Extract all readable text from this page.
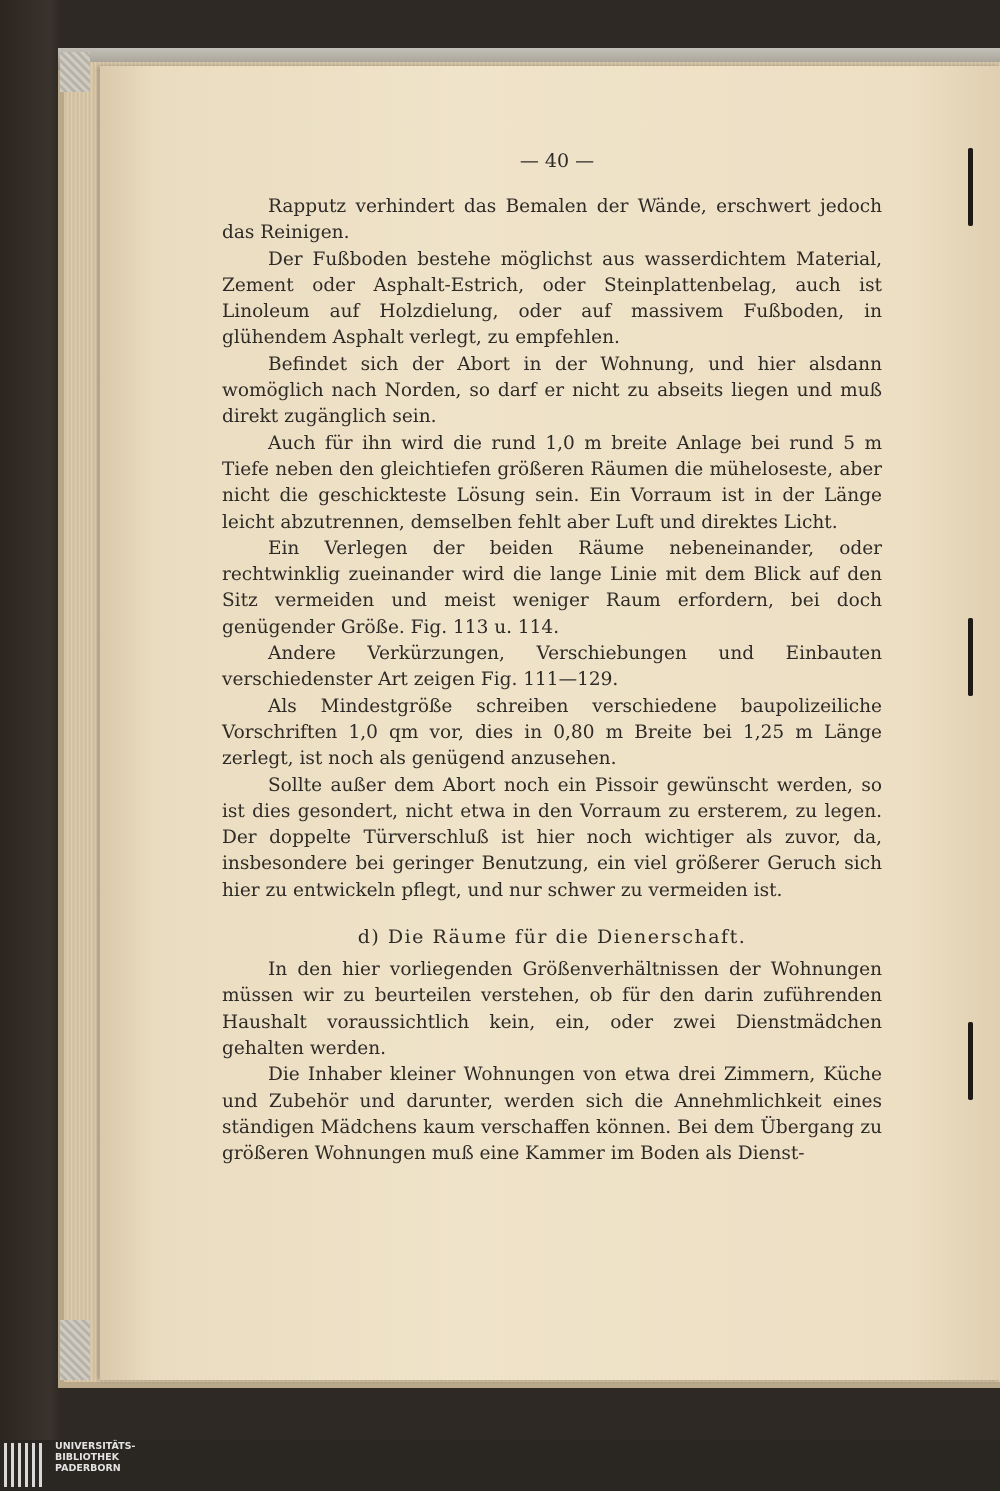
— 40 —

Rapputz verhindert das Bemalen der Wände, erschwert jedoch das Reinigen.

Der Fußboden bestehe möglichst aus wasserdichtem Material, Zement oder Asphalt-Estrich, oder Steinplattenbelag, auch ist Linoleum auf Holzdielung, oder auf massivem Fußboden, in glühendem Asphalt verlegt, zu empfehlen.

Befindet sich der Abort in der Wohnung, und hier alsdann womöglich nach Norden, so darf er nicht zu abseits liegen und muß direkt zugänglich sein.

Auch für ihn wird die rund 1,0 m breite Anlage bei rund 5 m Tiefe neben den gleichtiefen größeren Räumen die müheloseste, aber nicht die geschickteste Lösung sein. Ein Vorraum ist in der Länge leicht abzutrennen, demselben fehlt aber Luft und direktes Licht.

Ein Verlegen der beiden Räume nebeneinander, oder rechtwinklig zueinander wird die lange Linie mit dem Blick auf den Sitz vermeiden und meist weniger Raum erfordern, bei doch genügender Größe. Fig. 113 u. 114.

Andere Verkürzungen, Verschiebungen und Einbauten verschiedenster Art zeigen Fig. 111—129.

Als Mindestgröße schreiben verschiedene baupolizeiliche Vorschriften 1,0 qm vor, dies in 0,80 m Breite bei 1,25 m Länge zerlegt, ist noch als genügend anzusehen.

Sollte außer dem Abort noch ein Pissoir gewünscht werden, so ist dies gesondert, nicht etwa in den Vorraum zu ersterem, zu legen. Der doppelte Türverschluß ist hier noch wichtiger als zuvor, da, insbesondere bei geringer Benutzung, ein viel größerer Geruch sich hier zu entwickeln pflegt, und nur schwer zu vermeiden ist.

d) Die Räume für die Dienerschaft.

In den hier vorliegenden Größenverhältnissen der Wohnungen müssen wir zu beurteilen verstehen, ob für den darin zuführenden Haushalt voraussichtlich kein, ein, oder zwei Dienstmädchen gehalten werden.

Die Inhaber kleiner Wohnungen von etwa drei Zimmern, Küche und Zubehör und darunter, werden sich die Annehmlichkeit eines ständigen Mädchens kaum verschaffen können. Bei dem Übergang zu größeren Wohnungen muß eine Kammer im Boden als Dienst-

UNIVERSITÄTS-
BIBLIOTHEK
PADERBORN
